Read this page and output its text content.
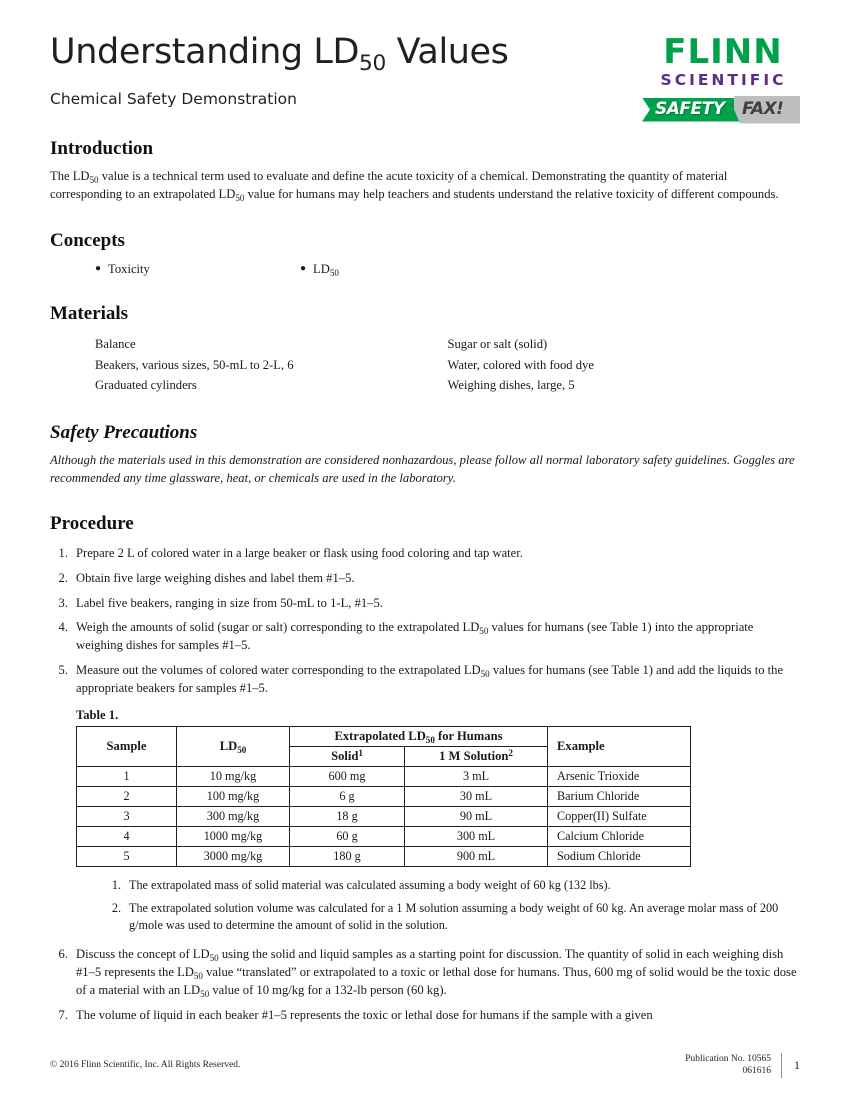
Understanding $LD_{50}$ Values
Chemical Safety Demonstration
FLINN
SCIENTIFIC
SAFETY FAX!
Introduction

The $LD_{50}$ value is a technical term used to evaluate and define the acute toxicity of a chemical. Demonstrating the quantity of material corresponding to an extrapolated $LD_{50}$ value for humans may help teachers and students understand the relative toxicity of different compounds.

Concepts
● Toxicity	● $LD_{50}$
Materials
Balance
Beakers, various sizes, 50-mL to 2-L, 6
Graduated cylinders
Sugar or salt (solid)
Water, colored with food dye
Weighing dishes, large, 5
Safety Precautions

Although the materials used in this demonstration are considered nonhazardous, please follow all normal laboratory safety guidelines. Goggles are recommended any time glassware, heat, or chemicals are used in the laboratory.

Procedure
1. Prepare 2 L of colored water in a large beaker or flask using food coloring and tap water.
2. Obtain five large weighing dishes and label them #1–5.
3. Label five beakers, ranging in size from 50-mL to 1-L, #1–5.
4. Weigh the amounts of solid (sugar or salt) corresponding to the extrapolated $LD_{50}$ values for humans (see Table 1) into the appropriate weighing dishes for samples #1–5.
5. Measure out the volumes of colored water corresponding to the extrapolated $LD_{50}$ values for humans (see Table 1) and add the liquids to the appropriate beakers for samples #1–5.
Table 1.
Sample	$LD_{50}$	Extrapolated $LD_{50}$ for Humans		Example
		Solid$^1$	1 M Solution$^2$
1	10 mg/kg	600 mg	3 mL	Arsenic Trioxide
2	100 mg/kg	6 g	30 mL	Barium Chloride
3	300 mg/kg	18 g	90 mL	Copper(II) Sulfate
4	1000 mg/kg	60 g	300 mL	Calcium Chloride
5	3000 mg/kg	180 g	900 mL	Sodium Chloride
1. The extrapolated mass of solid material was calculated assuming a body weight of 60 kg (132 lbs).
2. The extrapolated solution volume was calculated for a 1 M solution assuming a body weight of 60 kg. An average molar mass of 200 g/mole was used to determine the amount of solid in the solution.
6. Discuss the concept of $LD_{50}$ using the solid and liquid samples as a starting point for discussion. The quantity of solid in each weighing dish #1–5 represents the $LD_{50}$ value “translated” or extrapolated to a toxic or lethal dose for humans. Thus, 600 mg of solid would be the toxic dose of a material with an $LD_{50}$ value of 10 mg/kg for a 132-lb person (60 kg).
7. The volume of liquid in each beaker #1–5 represents the toxic or lethal dose for humans if the sample with a given
© 2016 Flinn Scientific, Inc. All Rights Reserved.
Publication No. 10565
061616	1
